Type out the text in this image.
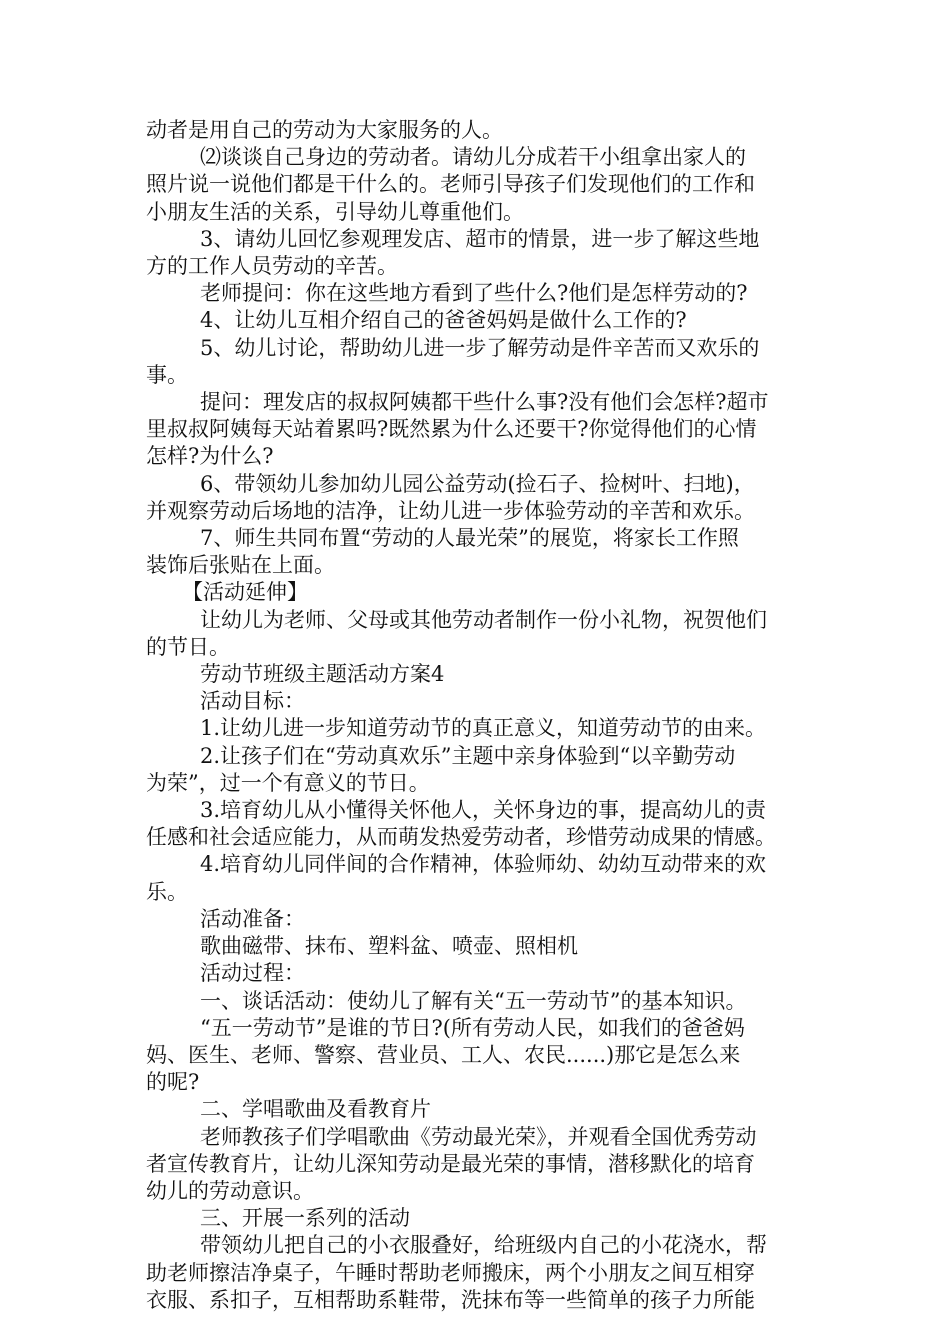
动者是用自己的劳动为大家服务的人。

⑵谈谈自己身边的劳动者。请幼儿分成若干小组拿出家人的

照片说一说他们都是干什么的。老师引导孩子们发现他们的工作和

小朋友生活的关系，引导幼儿尊重他们。

3、请幼儿回忆参观理发店、超市的情景，进一步了解这些地

方的工作人员劳动的辛苦。

老师提问：你在这些地方看到了些什么?他们是怎样劳动的?

4、让幼儿互相介绍自己的爸爸妈妈是做什么工作的?

5、幼儿讨论，帮助幼儿进一步了解劳动是件辛苦而又欢乐的

事。

提问：理发店的叔叔阿姨都干些什么事?没有他们会怎样?超市

里叔叔阿姨每天站着累吗?既然累为什么还要干?你觉得他们的心情

怎样?为什么?

6、带领幼儿参加幼儿园公益劳动(捡石子、捡树叶、扫地)，

并观察劳动后场地的洁净，让幼儿进一步体验劳动的辛苦和欢乐。

7、师生共同布置“劳动的人最光荣”的展览，将家长工作照

装饰后张贴在上面。

【活动延伸】

让幼儿为老师、父母或其他劳动者制作一份小礼物，祝贺他们

的节日。

劳动节班级主题活动方案4

活动目标：

1.让幼儿进一步知道劳动节的真正意义，知道劳动节的由来。

2.让孩子们在“劳动真欢乐”主题中亲身体验到“以辛勤劳动

为荣”，过一个有意义的节日。

3.培育幼儿从小懂得关怀他人，关怀身边的事，提高幼儿的责

任感和社会适应能力，从而萌发热爱劳动者，珍惜劳动成果的情感。

4.培育幼儿同伴间的合作精神，体验师幼、幼幼互动带来的欢

乐。

活动准备：

歌曲磁带、抹布、塑料盆、喷壶、照相机

活动过程：

一、谈话活动：使幼儿了解有关“五一劳动节”的基本知识。

“五一劳动节”是谁的节日?(所有劳动人民，如我们的爸爸妈

妈、医生、老师、警察、营业员、工人、农民......)那它是怎么来

的呢?

二、学唱歌曲及看教育片

老师教孩子们学唱歌曲《劳动最光荣》，并观看全国优秀劳动

者宣传教育片，让幼儿深知劳动是最光荣的事情，潜移默化的培育

幼儿的劳动意识。

三、开展一系列的活动

带领幼儿把自己的小衣服叠好，给班级内自己的小花浇水，帮

助老师擦洁净桌子，午睡时帮助老师搬床，两个小朋友之间互相穿

衣服、系扣子，互相帮助系鞋带，洗抹布等一些简单的孩子力所能
